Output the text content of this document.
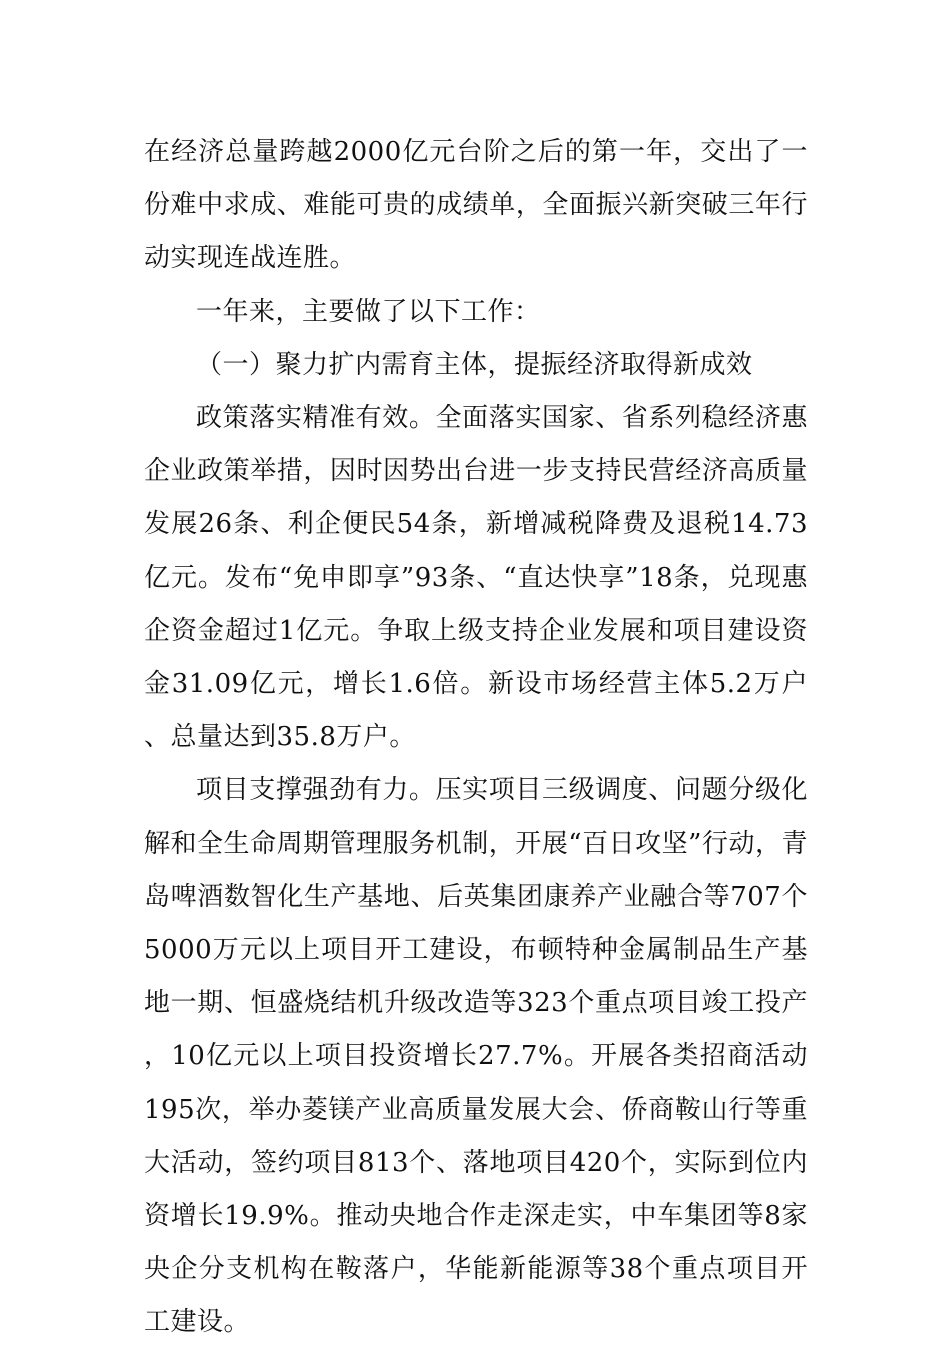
在经济总量跨越2000亿元台阶之后的第一年，交出了一份难中求成、难能可贵的成绩单，全面振兴新突破三年行动实现连战连胜。

一年来，主要做了以下工作：

（一）聚力扩内需育主体，提振经济取得新成效

政策落实精准有效。全面落实国家、省系列稳经济惠企业政策举措，因时因势出台进一步支持民营经济高质量发展26条、利企便民54条，新增减税降费及退税14.73亿元。发布“免申即享”93条、“直达快享”18条，兑现惠企资金超过1亿元。争取上级支持企业发展和项目建设资金31.09亿元，增长1.6倍。新设市场经营主体5.2万户、总量达到35.8万户。

项目支撑强劲有力。压实项目三级调度、问题分级化解和全生命周期管理服务机制，开展“百日攻坚”行动，青岛啤酒数智化生产基地、后英集团康养产业融合等707个5000万元以上项目开工建设，布顿特种金属制品生产基地一期、恒盛烧结机升级改造等323个重点项目竣工投产，10亿元以上项目投资增长27.7%。开展各类招商活动195次，举办菱镁产业高质量发展大会、侨商鞍山行等重大活动，签约项目813个、落地项目420个，实际到位内资增长19.9%。推动央地合作走深走实，中车集团等8家央企分支机构在鞍落户，华能新能源等38个重点项目开工建设。
